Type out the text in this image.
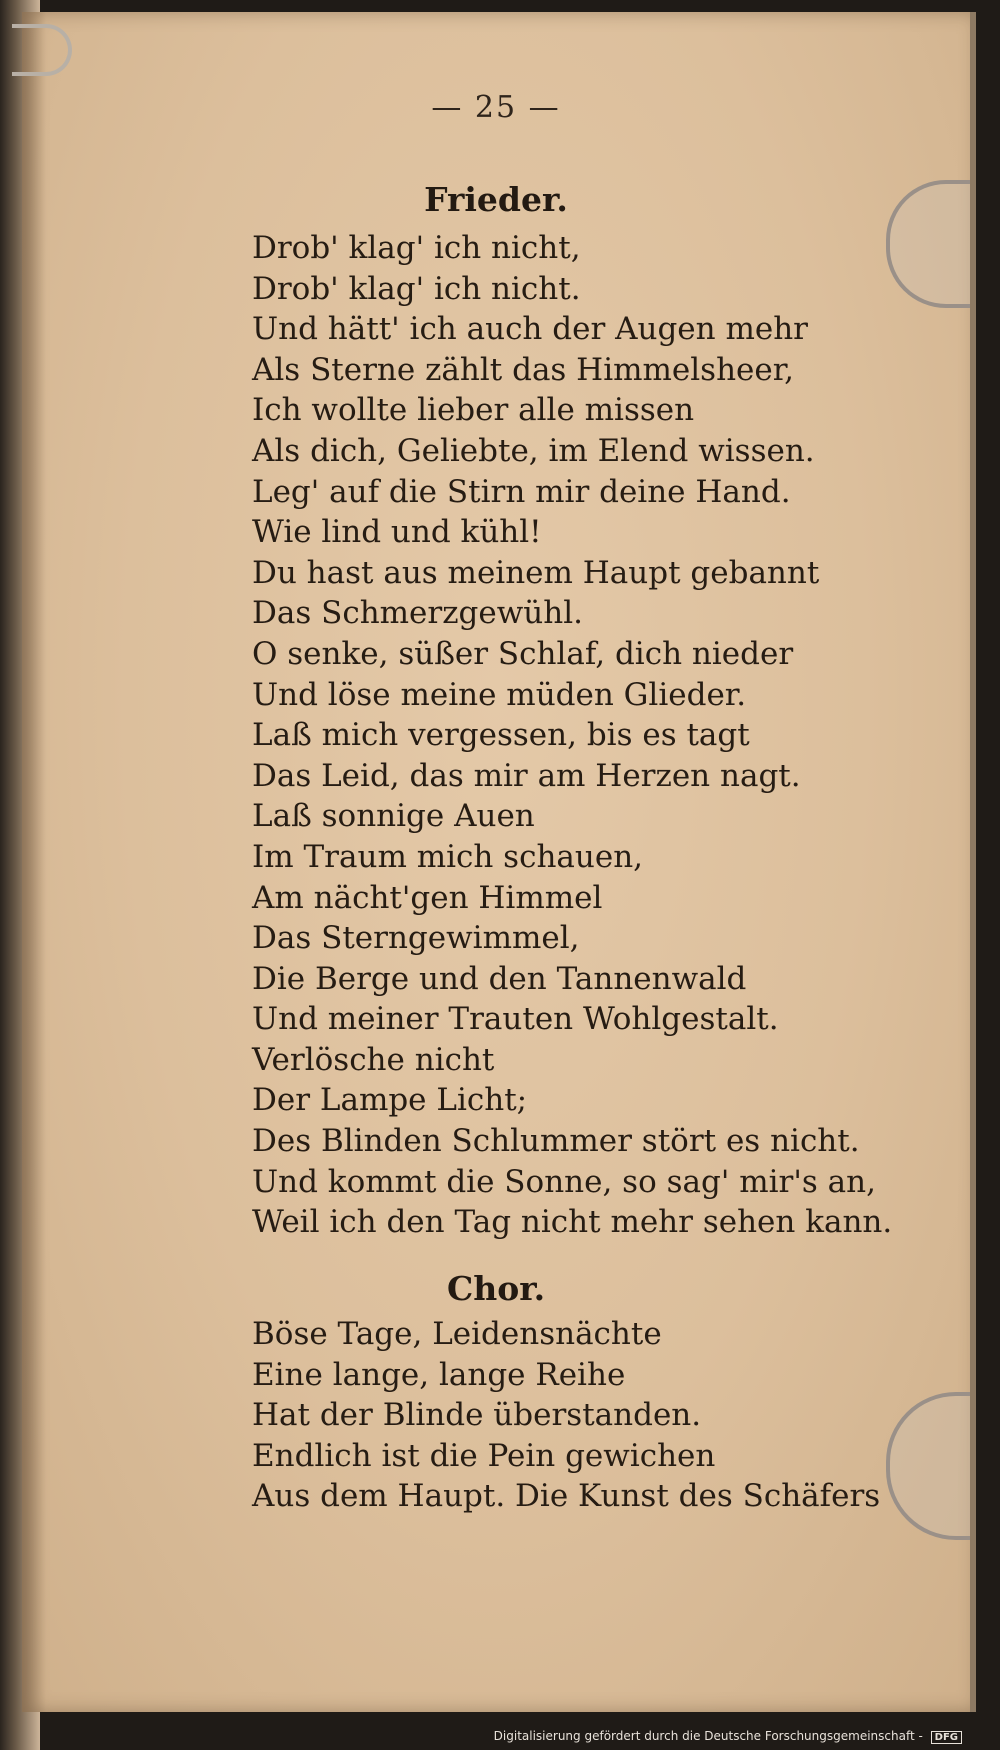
— 25 —
Frieder.
Drob' klag' ich nicht,
Drob' klag' ich nicht.
Und hätt' ich auch der Augen mehr
Als Sterne zählt das Himmelsheer,
Ich wollte lieber alle missen
Als dich, Geliebte, im Elend wissen.
Leg' auf die Stirn mir deine Hand.
Wie lind und kühl!
Du hast aus meinem Haupt gebannt
Das Schmerzgewühl.
O senke, süßer Schlaf, dich nieder
Und löse meine müden Glieder.
Laß mich vergessen, bis es tagt
Das Leid, das mir am Herzen nagt.
Laß sonnige Auen
Im Traum mich schauen,
Am nächt'gen Himmel
Das Sterngewimmel,
Die Berge und den Tannenwald
Und meiner Trauten Wohlgestalt.
Verlösche nicht
Der Lampe Licht;
Des Blinden Schlummer stört es nicht.
Und kommt die Sonne, so sag' mir's an,
Weil ich den Tag nicht mehr sehen kann.
Chor.
Böse Tage, Leidensnächte
Eine lange, lange Reihe
Hat der Blinde überstanden.
Endlich ist die Pein gewichen
Aus dem Haupt. Die Kunst des Schäfers
Digitalisierung gefördert durch die Deutsche Forschungsgemeinschaft - DFG
